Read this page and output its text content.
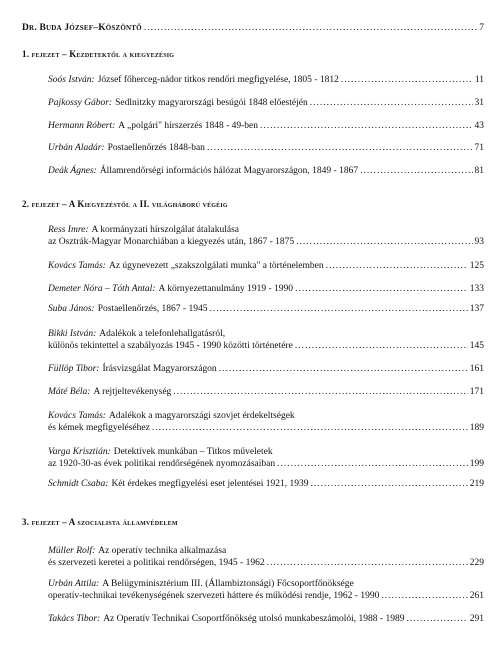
Dr. Buda József – Köszöntő .....	7
1. fejezet – Kezdetektől a kiegyezésig
Soós István: József főherceg-nádor titkos rendőri megfigyelése, 1805 - 1812 .....	11
Pajkossy Gábor: Sedlnitzky magyarországi besúgói 1848 előestéjén .....	31
Hermann Róbert: A „polgári" hírszerzés 1848 - 49-ben .....	43
Urbán Aladár: Postaellenőrzés 1848-ban .....	71
Deák Ágnes: Államrendőrségi információs hálózat Magyarországon, 1849 - 1867 .....	81
2. fejezet – A Kiegyezéstől a II. világháború végéig
Ress Imre: A kormányzati hírszolgálat átalakulása
az Osztrák-Magyar Monarchiában a kiegyezés után, 1867 - 1875 .....	93
Kovács Tamás: Az úgynevezett „szakszolgálati munka" a történelemben .....	125
Demeter Nóra – Tóth Antal: A környezettanulmány 1919 - 1990 .....	133
Suba János: Postaellenőrzés, 1867 - 1945 .....	137
Bikki István: Adalékok a telefonlehallgatásról,
különös tekintettel a szabályozás 1945 - 1990 közötti történetére .....	145
Füllöp Tibor: Írásvizsgálat Magyarországon .....	161
Máté Béla: A rejtjeltevékenység .....	171
Kovács Tamás: Adalékok a magyarországi szovjet érdekeltségek
és kémek megfigyeléséhez .....	189
Varga Krisztián: Detektívek munkában – Titkos műveletek
az 1920-30-as évek politikai rendőrségének nyomozásaiban .....	199
Schmidt Csaba: Két érdekes megfigyelési eset jelentései 1921, 1939 .....	219
3. fejezet – A szocialista államvédelem
Müller Rolf: Az operatív technika alkalmazása
és szervezeti keretei a politikai rendőrségen, 1945 - 1962 .....	229
Urbán Attila: A Belügyminisztérium III. (Állambiztonsági) Főcsoportfőnökségе
operatív-technikai tevékenységének szervezeti háttere és működési rendje, 1962 - 1990 .....	261
Takács Tibor: Az Operatív Technikai Csoportfőnökség utolsó munkabeszámolói, 1988 - 1989 .....	291
